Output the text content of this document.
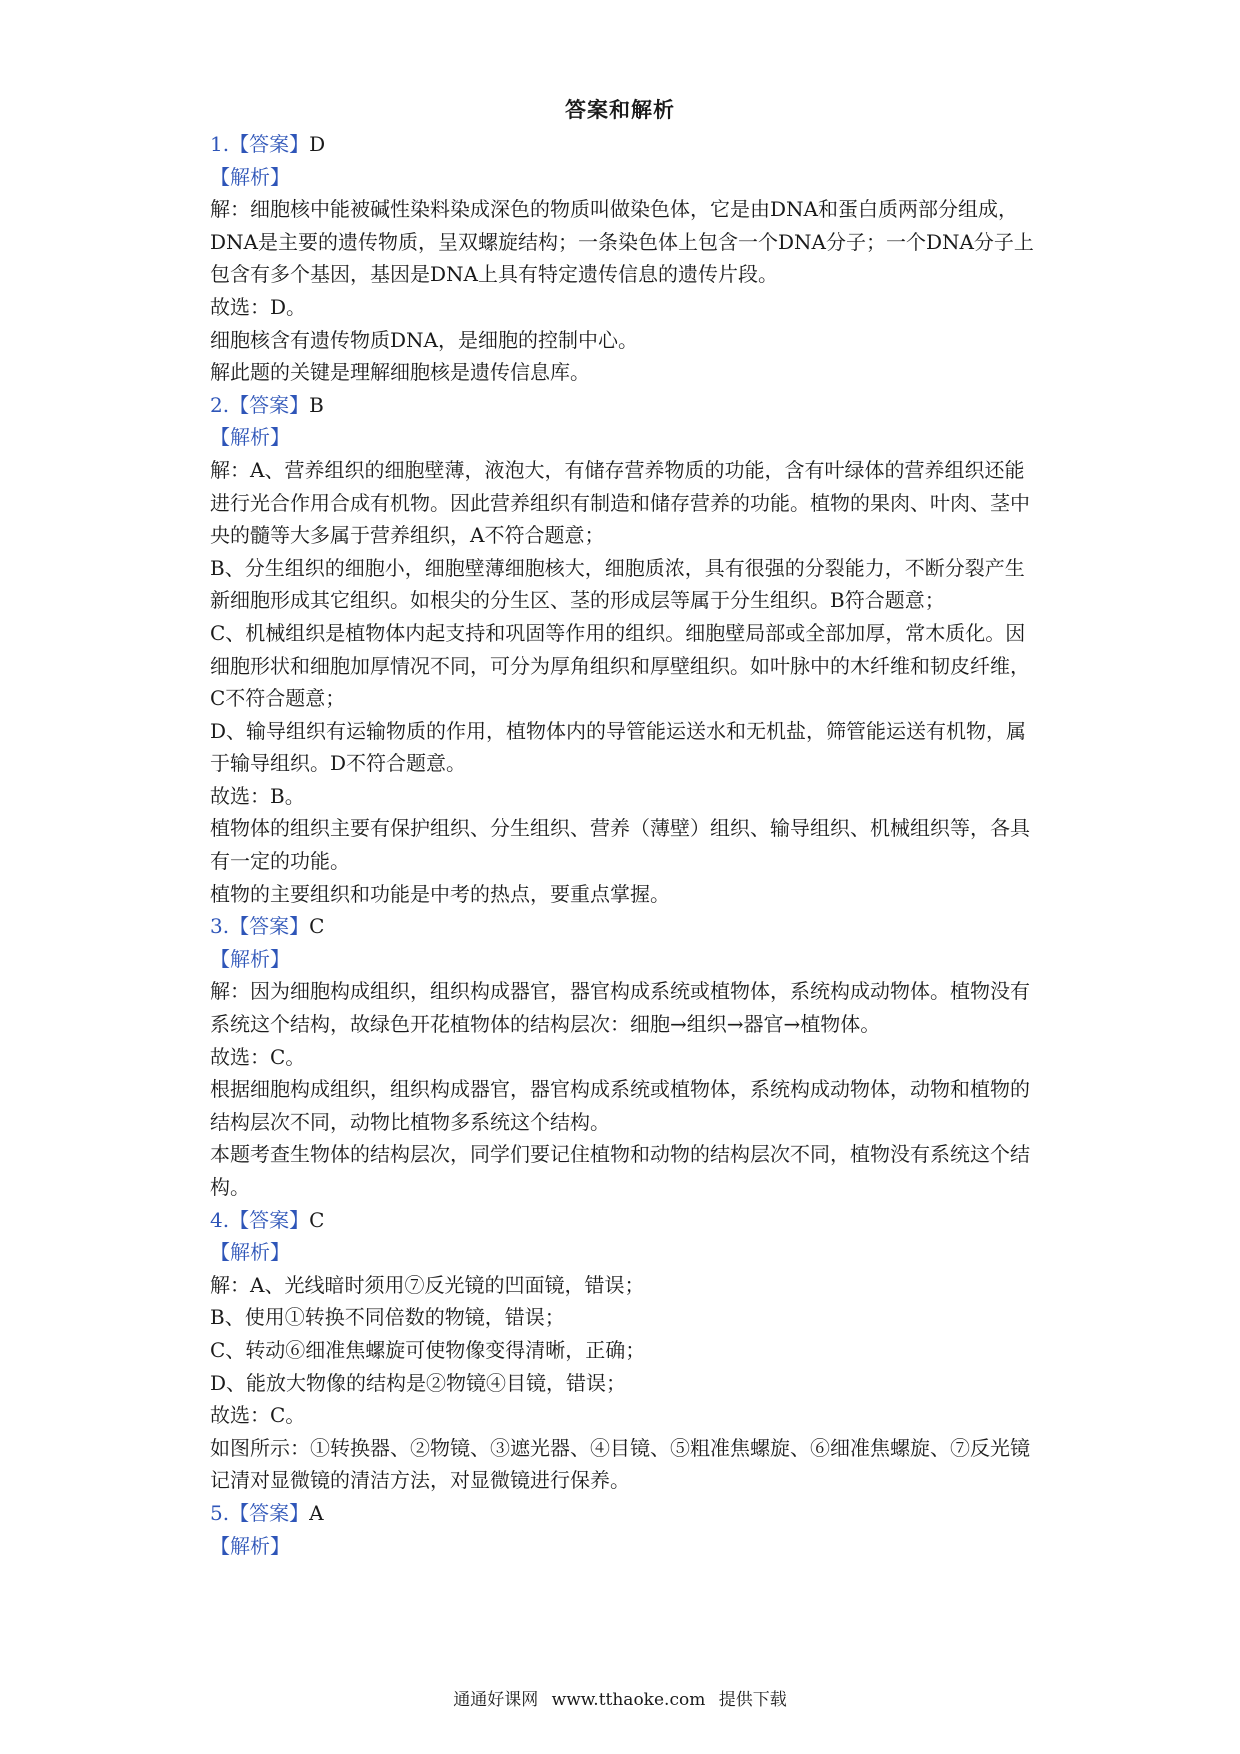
答案和解析

1.【答案】D

【解析】

解：细胞核中能被碱性染料染成深色的物质叫做染色体，它是由DNA和蛋白质两部分组成，DNA是主要的遗传物质，呈双螺旋结构；一条染色体上包含一个DNA分子；一个DNA分子上包含有多个基因，基因是DNA上具有特定遗传信息的遗传片段。

故选：D。

细胞核含有遗传物质DNA，是细胞的控制中心。

解此题的关键是理解细胞核是遗传信息库。

2.【答案】B

【解析】

解：A、营养组织的细胞壁薄，液泡大，有储存营养物质的功能，含有叶绿体的营养组织还能进行光合作用合成有机物。因此营养组织有制造和储存营养的功能。植物的果肉、叶肉、茎中央的髓等大多属于营养组织，A不符合题意；

B、分生组织的细胞小，细胞壁薄细胞核大，细胞质浓，具有很强的分裂能力，不断分裂产生新细胞形成其它组织。如根尖的分生区、茎的形成层等属于分生组织。B符合题意；

C、机械组织是植物体内起支持和巩固等作用的组织。细胞壁局部或全部加厚，常木质化。因细胞形状和细胞加厚情况不同，可分为厚角组织和厚壁组织。如叶脉中的木纤维和韧皮纤维，C不符合题意；

D、输导组织有运输物质的作用，植物体内的导管能运送水和无机盐，筛管能运送有机物，属于输导组织。D不符合题意。

故选：B。

植物体的组织主要有保护组织、分生组织、营养（薄壁）组织、输导组织、机械组织等，各具有一定的功能。

植物的主要组织和功能是中考的热点，要重点掌握。

3.【答案】C

【解析】

解：因为细胞构成组织，组织构成器官，器官构成系统或植物体，系统构成动物体。植物没有系统这个结构，故绿色开花植物体的结构层次：细胞→组织→器官→植物体。

故选：C。

根据细胞构成组织，组织构成器官，器官构成系统或植物体，系统构成动物体，动物和植物的结构层次不同，动物比植物多系统这个结构。

本题考查生物体的结构层次，同学们要记住植物和动物的结构层次不同，植物没有系统这个结构。

4.【答案】C

【解析】

解：A、光线暗时须用⑦反光镜的凹面镜，错误；

B、使用①转换不同倍数的物镜，错误；

C、转动⑥细准焦螺旋可使物像变得清晰，正确；

D、能放大物像的结构是②物镜④目镜，错误；

故选：C。

如图所示：①转换器、②物镜、③遮光器、④目镜、⑤粗准焦螺旋、⑥细准焦螺旋、⑦反光镜

记清对显微镜的清洁方法，对显微镜进行保养。

5.【答案】A

【解析】

通通好课网 www.tthaoke.com 提供下载
